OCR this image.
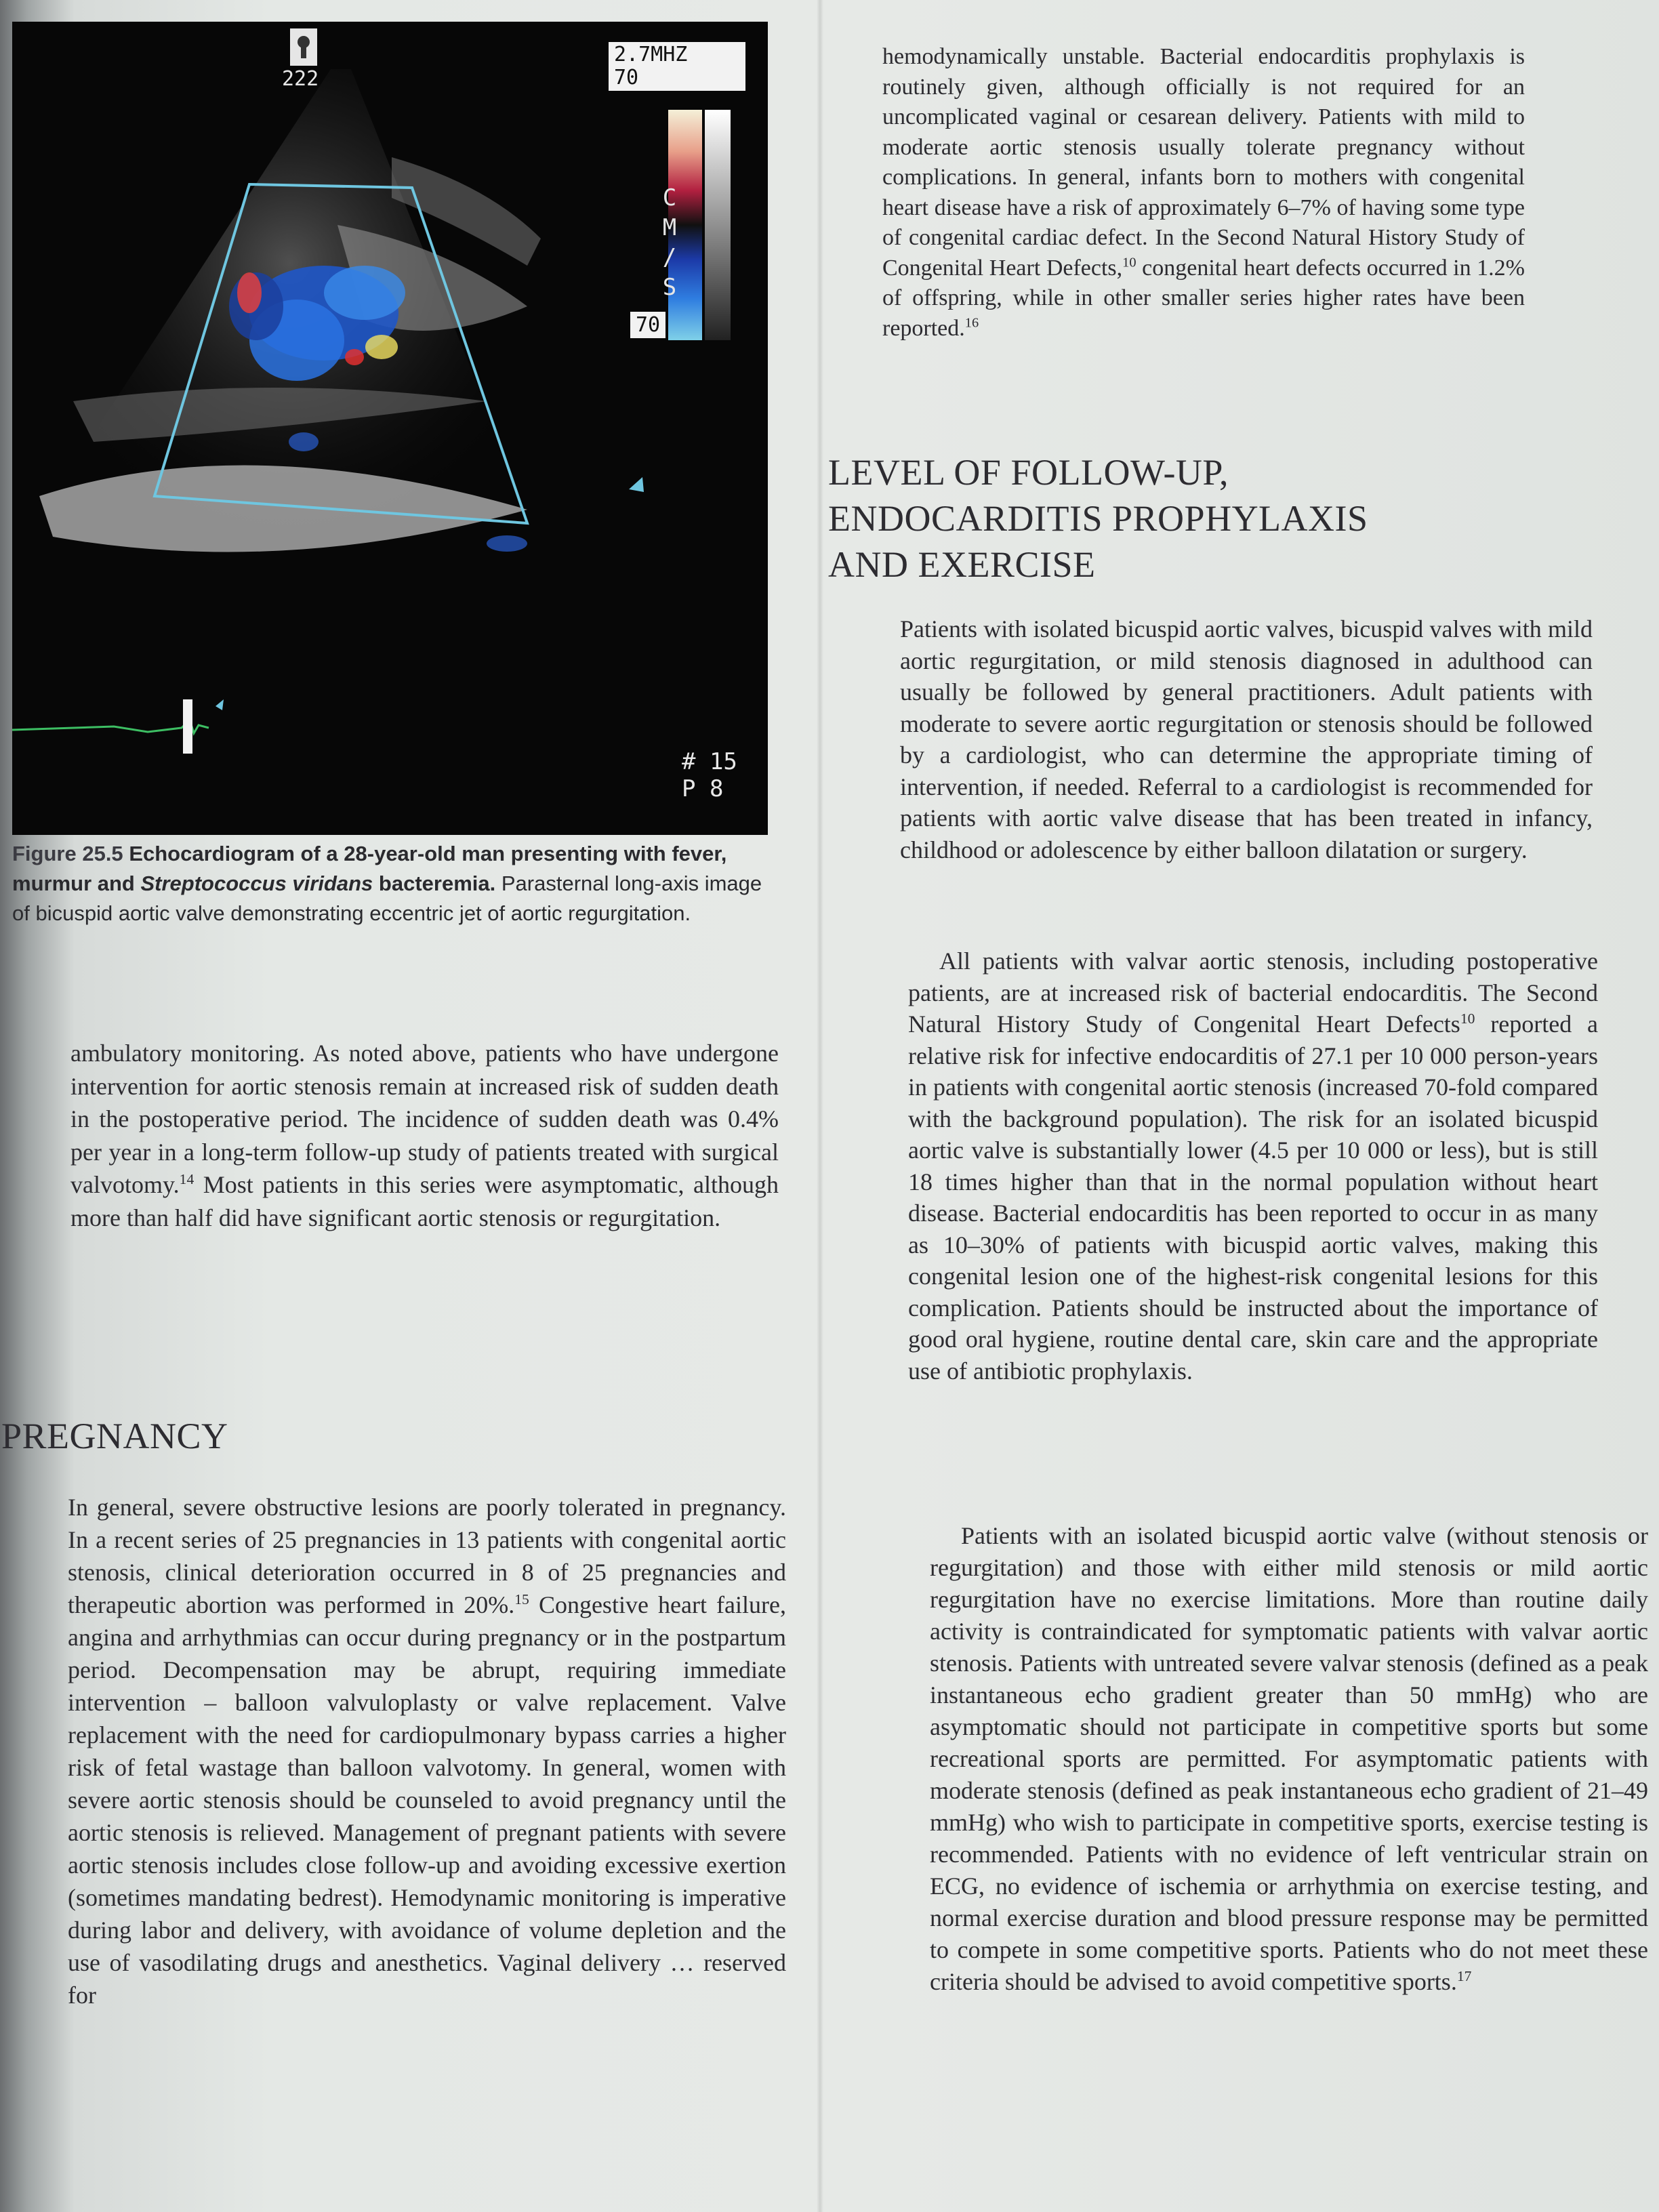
222
2.7MHZ
70
CM/S
70
# 15
P 8
Figure 25.5 Echocardiogram of a 28-year-old man presenting with fever, murmur and Streptococcus viridans bacteremia. Parasternal long-axis image of bicuspid aortic valve demonstrating eccentric jet of aortic regurgitation.

ambulatory monitoring. As noted above, patients who have undergone intervention for aortic stenosis remain at increased risk of sudden death in the postoperative period. The incidence of sudden death was 0.4% per year in a long-term follow-up study of patients treated with surgical valvotomy.$^{14}$ Most patients in this series were asymptomatic, although more than half did have significant aortic stenosis or regurgitation.

PREGNANCY

In general, severe obstructive lesions are poorly tolerated in pregnancy. In a recent series of 25 pregnancies in 13 patients with congenital aortic stenosis, clinical deterioration occurred in 8 of 25 pregnancies and therapeutic abortion was performed in 20%.$^{15}$ Congestive heart failure, angina and arrhythmias can occur during pregnancy or in the postpartum period. Decompensation may be abrupt, requiring immediate intervention – balloon valvuloplasty or valve replacement. Valve replacement with the need for cardiopulmonary bypass carries a higher risk of fetal wastage than balloon valvotomy. In general, women with severe aortic stenosis should be counseled to avoid pregnancy until the aortic stenosis is relieved. Management of pregnant patients with severe aortic stenosis includes close follow-up and avoiding excessive exertion (sometimes mandating bedrest). Hemodynamic monitoring is imperative during labor and delivery, with avoidance of volume depletion and the use of vasodilating drugs and anesthetics. Vaginal delivery … reserved for

hemodynamically unstable. Bacterial endocarditis prophylaxis is routinely given, although officially is not required for an uncomplicated vaginal or cesarean delivery. Patients with mild to moderate aortic stenosis usually tolerate pregnancy without complications. In general, infants born to mothers with congenital heart disease have a risk of approximately 6–7% of having some type of congenital cardiac defect. In the Second Natural History Study of Congenital Heart Defects,$^{10}$ congenital heart defects occurred in 1.2% of offspring, while in other smaller series higher rates have been reported.$^{16}$

LEVEL OF FOLLOW-UP,
ENDOCARDITIS PROPHYLAXIS
AND EXERCISE

Patients with isolated bicuspid aortic valves, bicuspid valves with mild aortic regurgitation, or mild stenosis diagnosed in adulthood can usually be followed by general practitioners. Adult patients with moderate to severe aortic regurgitation or stenosis should be followed by a cardiologist, who can determine the appropriate timing of intervention, if needed. Referral to a cardiologist is recommended for patients with aortic valve disease that has been treated in infancy, childhood or adolescence by either balloon dilatation or surgery.

All patients with valvar aortic stenosis, including postoperative patients, are at increased risk of bacterial endocarditis. The Second Natural History Study of Congenital Heart Defects$^{10}$ reported a relative risk for infective endocarditis of 27.1 per 10 000 person-years in patients with congenital aortic stenosis (increased 70-fold compared with the background population). The risk for an isolated bicuspid aortic valve is substantially lower (4.5 per 10 000 or less), but is still 18 times higher than that in the normal population without heart disease. Bacterial endocarditis has been reported to occur in as many as 10–30% of patients with bicuspid aortic valves, making this congenital lesion one of the highest-risk congenital lesions for this complication. Patients should be instructed about the importance of good oral hygiene, routine dental care, skin care and the appropriate use of antibiotic prophylaxis.

Patients with an isolated bicuspid aortic valve (without stenosis or regurgitation) and those with either mild stenosis or mild aortic regurgitation have no exercise limitations. More than routine daily activity is contraindicated for symptomatic patients with valvar aortic stenosis. Patients with untreated severe valvar stenosis (defined as a peak instantaneous echo gradient greater than 50 mmHg) who are asymptomatic should not participate in competitive sports but some recreational sports are permitted. For asymptomatic patients with moderate stenosis (defined as peak instantaneous echo gradient of 21–49 mmHg) who wish to participate in competitive sports, exercise testing is recommended. Patients with no evidence of left ventricular strain on ECG, no evidence of ischemia or arrhythmia on exercise testing, and normal exercise duration and blood pressure response may be permitted to compete in some competitive sports. Patients who do not meet these criteria should be advised to avoid competitive sports.$^{17}$
